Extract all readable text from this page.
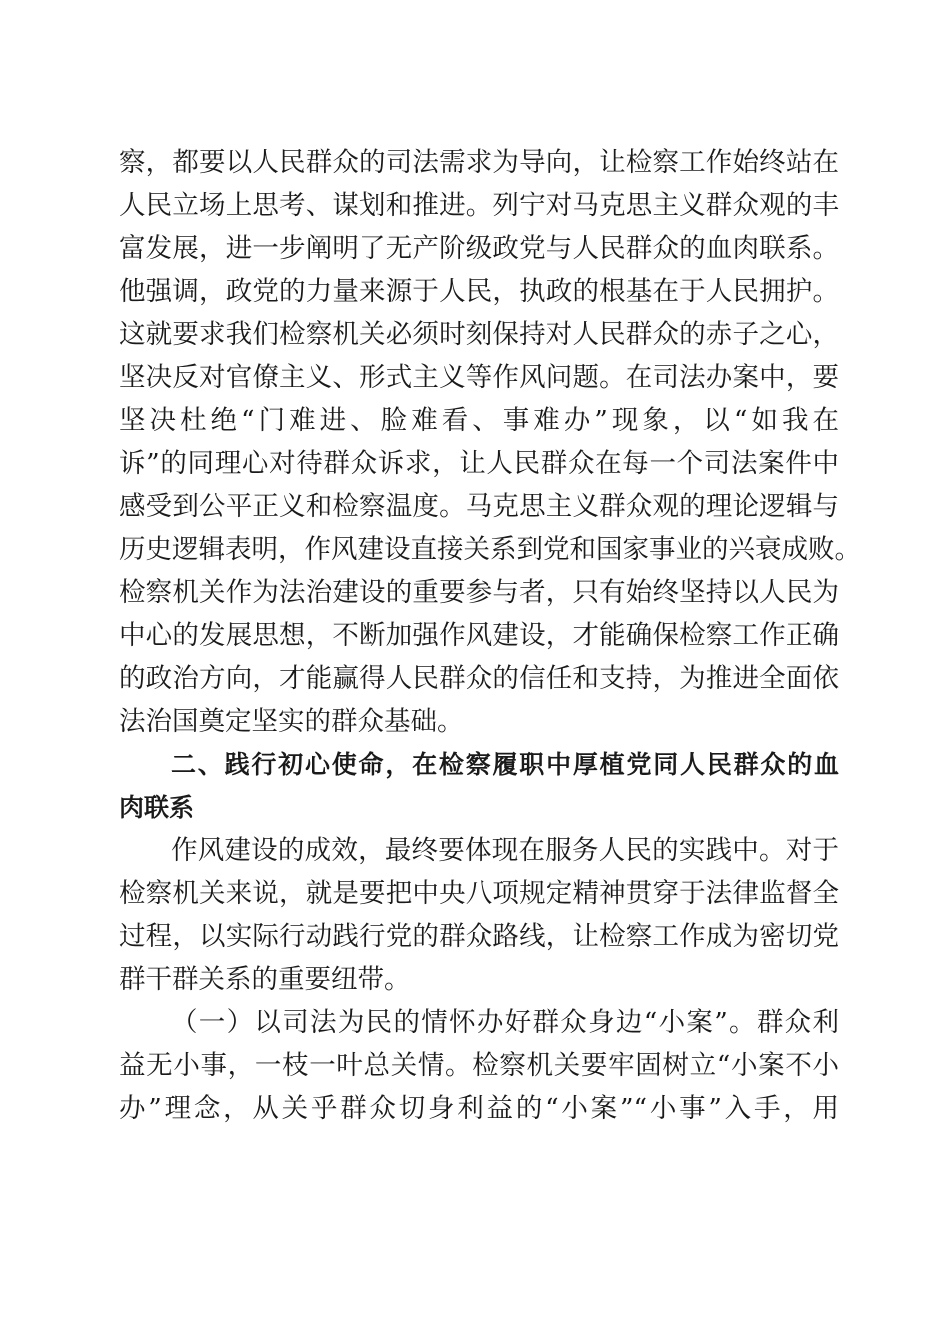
察，都要以人民群众的司法需求为导向，让检察工作始终站在
人民立场上思考、谋划和推进。列宁对马克思主义群众观的丰
富发展，进一步阐明了无产阶级政党与人民群众的血肉联系。
他强调，政党的力量来源于人民，执政的根基在于人民拥护。
这就要求我们检察机关必须时刻保持对人民群众的赤子之心，
坚决反对官僚主义、形式主义等作风问题。在司法办案中，要
坚决杜绝“门难进、脸难看、事难办”现象，以“如我在
诉”的同理心对待群众诉求，让人民群众在每一个司法案件中
感受到公平正义和检察温度。马克思主义群众观的理论逻辑与
历史逻辑表明，作风建设直接关系到党和国家事业的兴衰成败。
检察机关作为法治建设的重要参与者，只有始终坚持以人民为
中心的发展思想，不断加强作风建设，才能确保检察工作正确
的政治方向，才能赢得人民群众的信任和支持，为推进全面依
法治国奠定坚实的群众基础。
二、践行初心使命，在检察履职中厚植党同人民群众的血
肉联系
作风建设的成效，最终要体现在服务人民的实践中。对于
检察机关来说，就是要把中央八项规定精神贯穿于法律监督全
过程，以实际行动践行党的群众路线，让检察工作成为密切党
群干群关系的重要纽带。
（一）以司法为民的情怀办好群众身边“小案”。群众利
益无小事，一枝一叶总关情。检察机关要牢固树立“小案不小
办”理念，从关乎群众切身利益的“小案”“小事”入手，用
